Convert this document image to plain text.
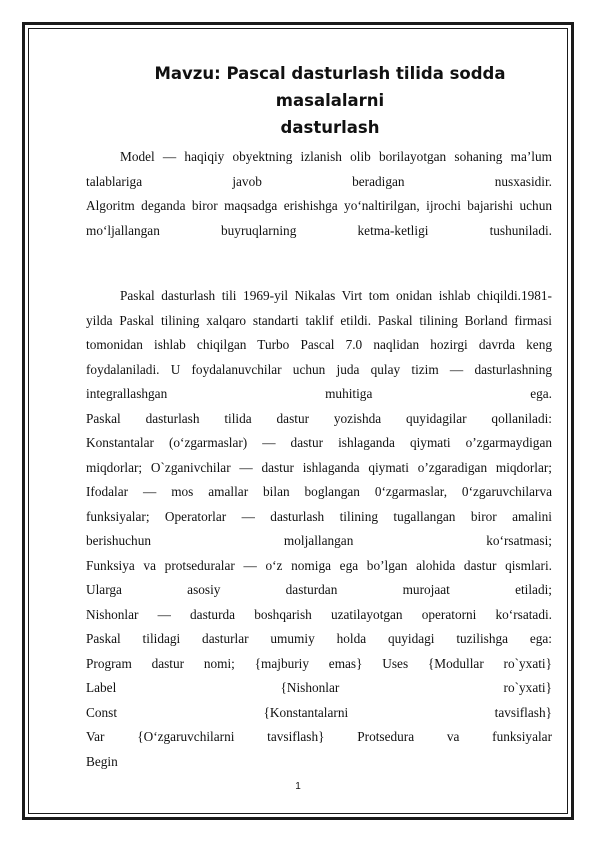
Mavzu: Pascal dasturlash tilida sodda masalalarni
dasturlash
Model — haqiqiy obyektning izlanish olib borilayotgan sohaning ma’lum
talablariga javob beradigan nusxasidir.
Algoritm deganda biror maqsadga erishishga yo‘naltirilgan, ijrochi bajarishi uchun
mo‘ljallangan buyruqlarning ketma-ketligi tushuniladi.
Paskal dasturlash tili 1969-yil Nikalas Virt tom onidan ishlab chiqildi.1981-
yilda Paskal tilining xalqaro standarti taklif etildi. Paskal tilining Borland firmasi
tomonidan ishlab chiqilgan Turbo Pascal 7.0 naqlidan hozirgi davrda keng
foydalaniladi. U foydalanuvchilar uchun juda qulay tizim — dasturlashning
integrallashgan muhitiga ega.
Paskal dasturlash tilida dastur yozishda quyidagilar qollaniladi:
Konstantalar (o‘zgarmaslar) — dastur ishlaganda qiymati o’zgarmaydigan
miqdorlar; O`zganivchilar — dastur ishlaganda qiymati o’zgaradigan miqdorlar;
Ifodalar — mos amallar bilan boglangan 0‘zgarmaslar, 0‘zgaruvchilarva
funksiyalar; Operatorlar — dasturlash tilining tugallangan biror amalini
berishuchun moljallangan ko‘rsatmasi;
Funksiya va protseduralar — o‘z nomiga ega bo’lgan alohida dastur qismlari.
Ularga asosiy dasturdan murojaat etiladi;
Nishonlar — dasturda boshqarish uzatilayotgan operatorni ko‘rsatadi.
Paskal tilidagi dasturlar umumiy holda quyidagi tuzilishga ega:
Program dastur nomi; {majburiy emas} Uses {Modullar ro`yxati}
Label {Nishonlar ro`yxati}
Const {Konstantalarni tavsiflash}
Var {O‘zgaruvchilarni tavsiflash} Protsedura va funksiyalar
Begin
1
